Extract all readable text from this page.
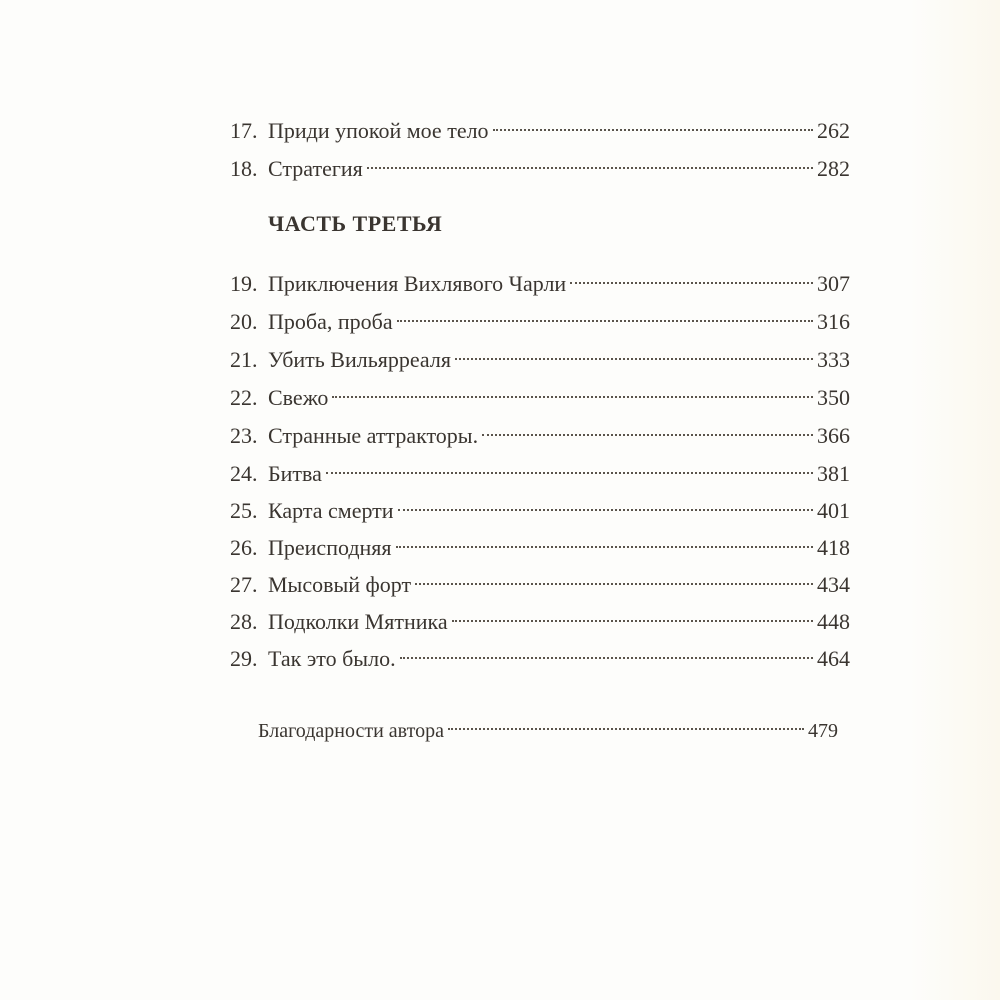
17. Приди упокой мое тело	262
18. Стратегия	282
ЧАСТЬ ТРЕТЬЯ
19. Приключения Вихлявого Чарли	307
20. Проба, проба	316
21. Убить Вильярреаля	333
22. Свежо	350
23. Странные аттракторы.	366
24. Битва	381
25. Карта смерти	401
26. Преисподняя	418
27. Мысовый форт	434
28. Подколки Мятника	448
29. Так это было.	464
Благодарности автора	479
